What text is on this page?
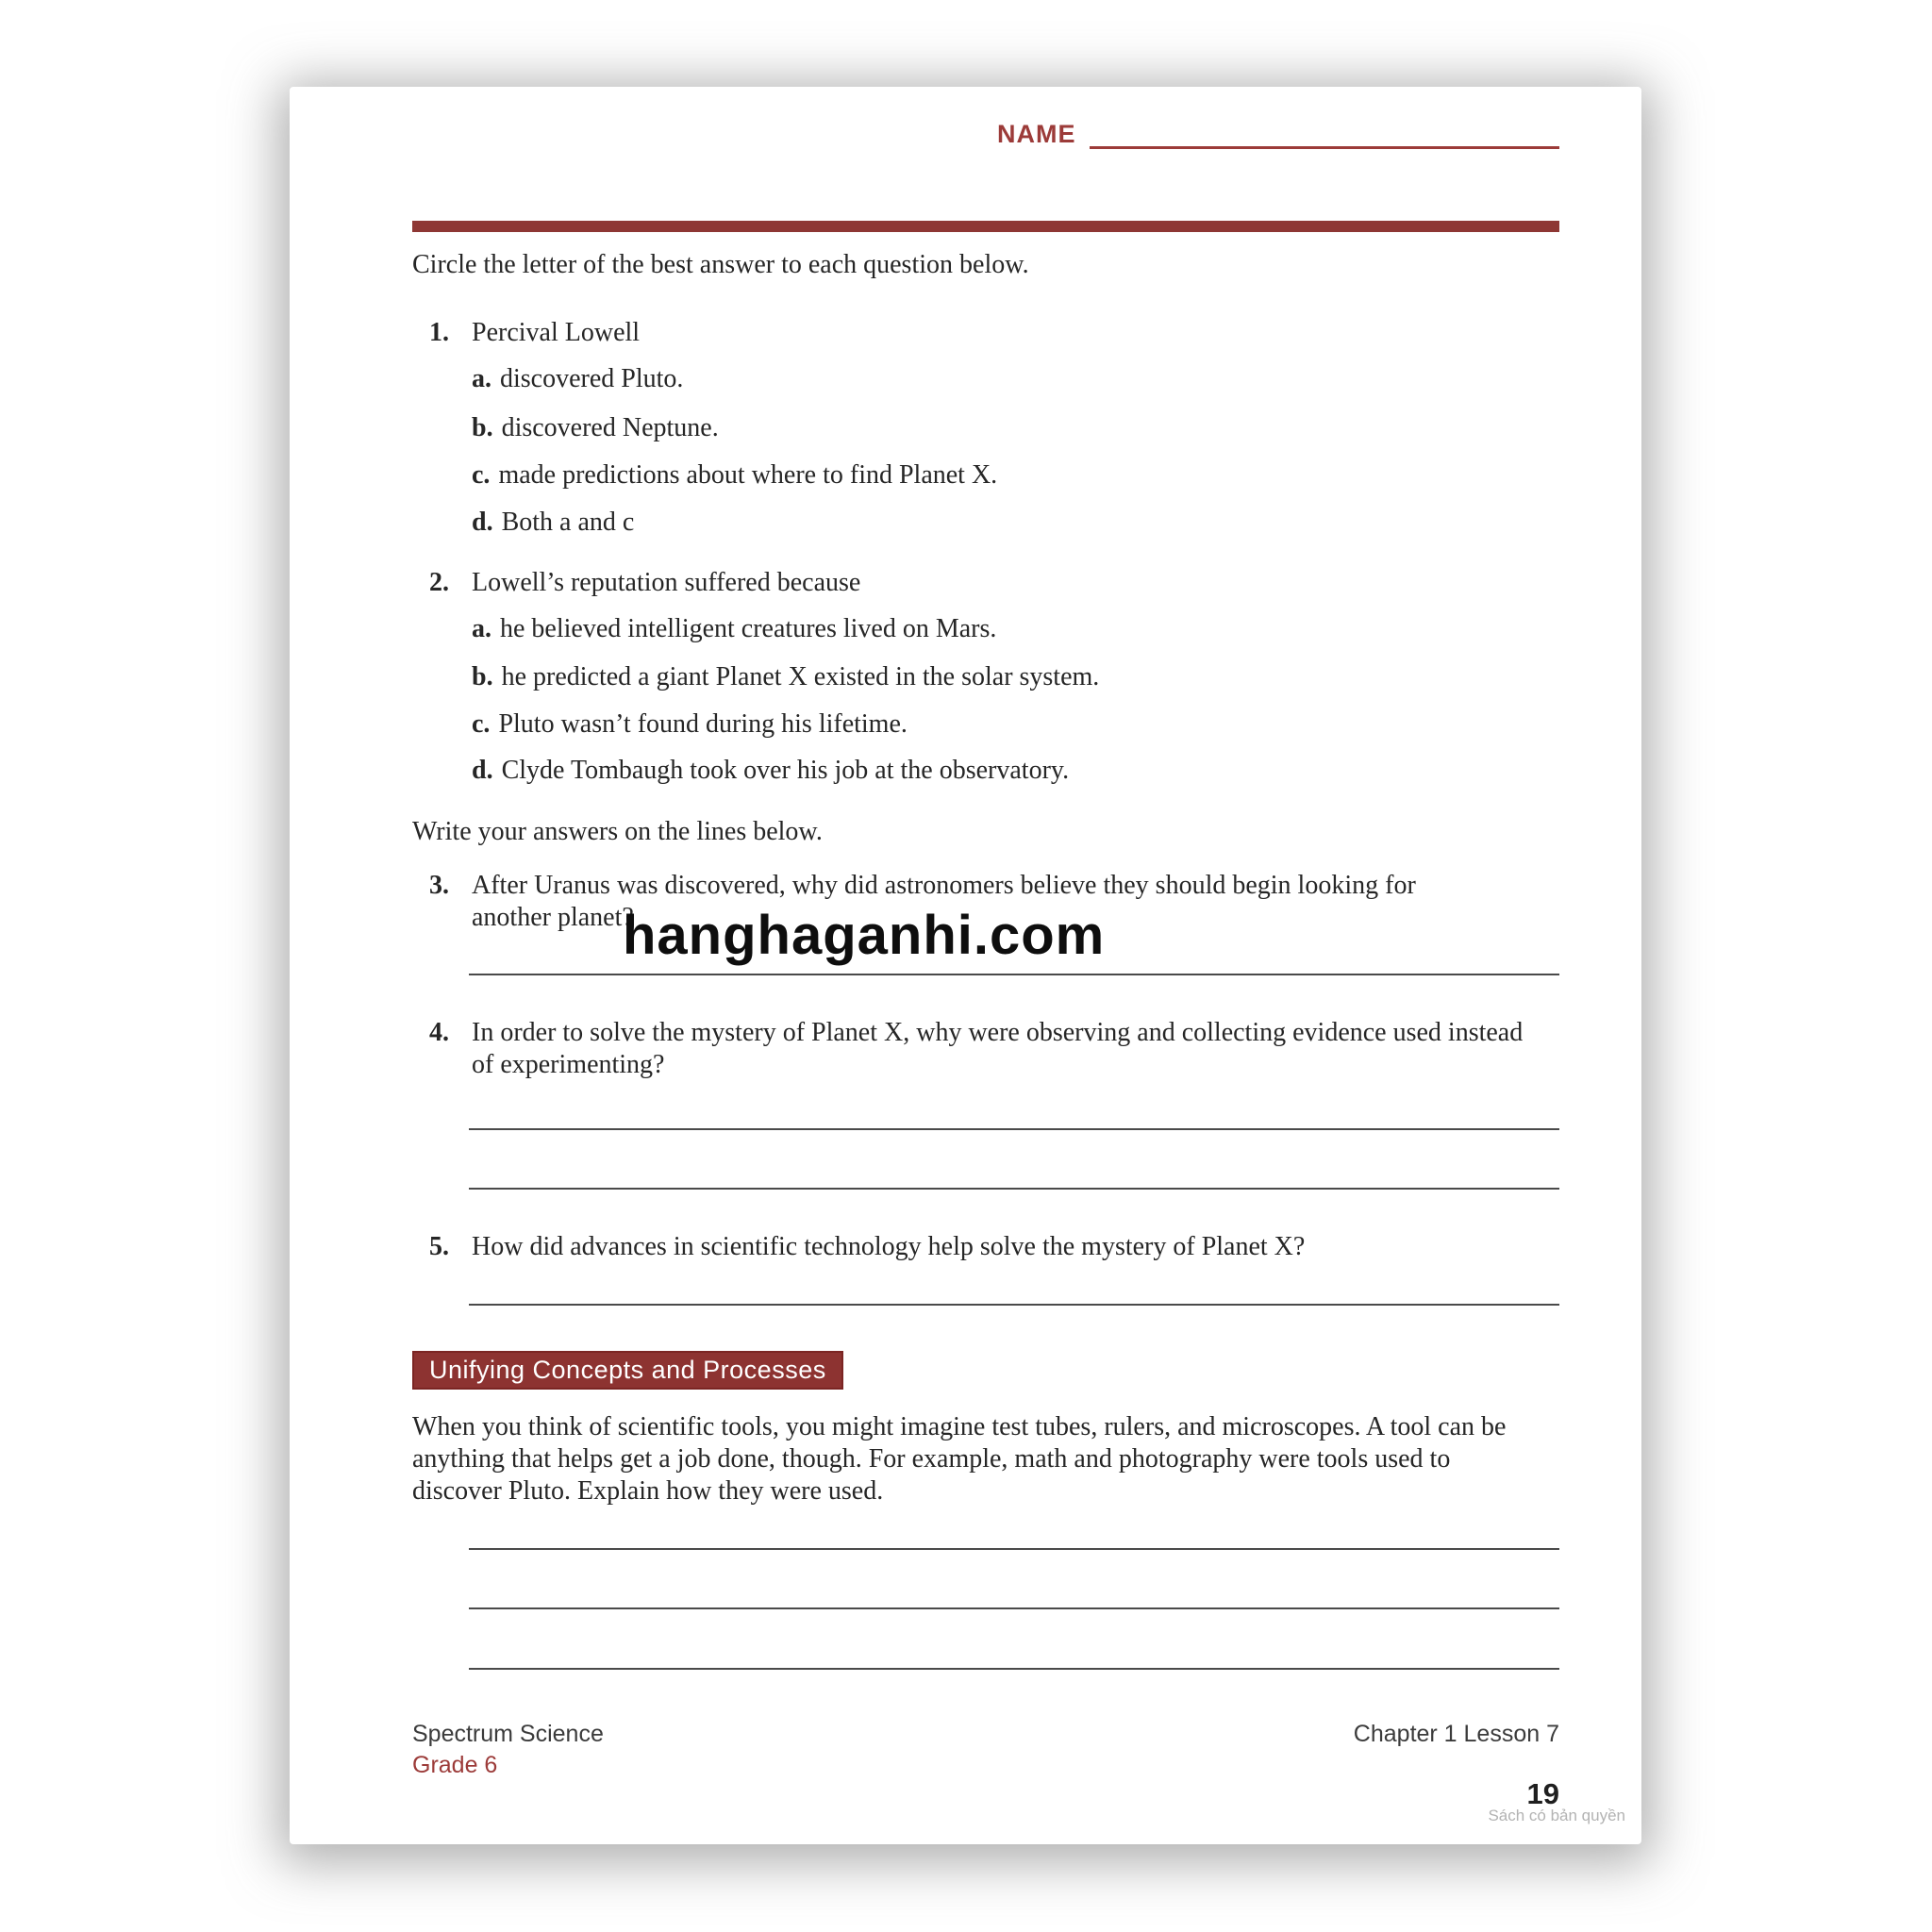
NAME
Circle the letter of the best answer to each question below.
1. Percival Lowell
a. discovered Pluto.
b. discovered Neptune.
c. made predictions about where to find Planet X.
d. Both a and c
2. Lowell’s reputation suffered because
a. he believed intelligent creatures lived on Mars.
b. he predicted a giant Planet X existed in the solar system.
c. Pluto wasn’t found during his lifetime.
d. Clyde Tombaugh took over his job at the observatory.
Write your answers on the lines below.
3. After Uranus was discovered, why did astronomers believe they should begin looking for
another planet?
hanghaganhi.com
4. In order to solve the mystery of Planet X, why were observing and collecting evidence used instead
of experimenting?
5. How did advances in scientific technology help solve the mystery of Planet X?
Unifying Concepts and Processes
When you think of scientific tools, you might imagine test tubes, rulers, and microscopes. A tool can be
anything that helps get a job done, though. For example, math and photography were tools used to
discover Pluto. Explain how they were used.
Spectrum Science
Grade 6
Chapter 1 Lesson 7
19
Sách có bản quyền
